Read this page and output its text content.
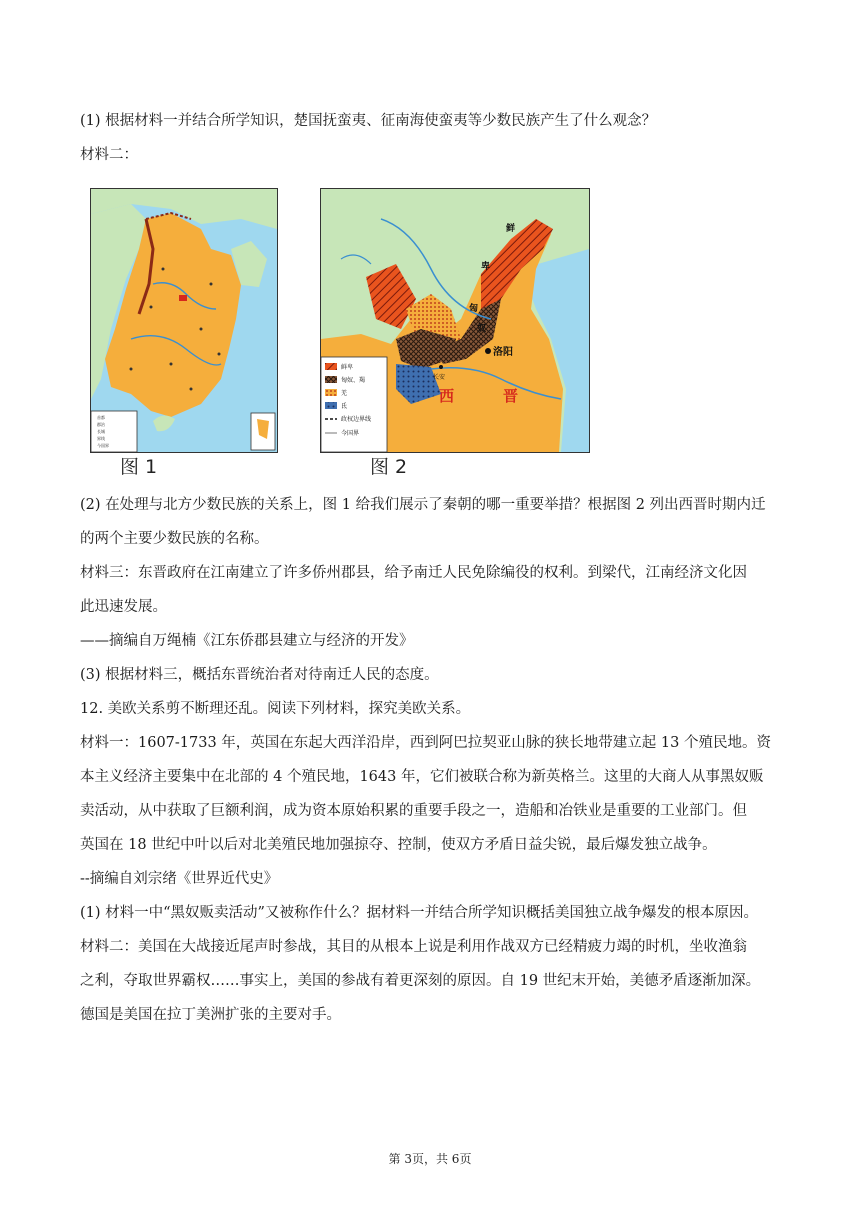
(1) 根据材料一并结合所学知识，楚国抚蛮夷、征南海使蛮夷等少数民族产生了什么观念？
材料二：
首都
郡治
长城
界线
今国界
图 1
鲜
卑
匈
奴
洛阳
长安
西	晋
鲜卑
匈奴、羯
羌
氐
政权边界线
今国界
图 2
(2) 在处理与北方少数民族的关系上，图 1 给我们展示了秦朝的哪一重要举措？根据图 2 列出西晋时期内迁
的两个主要少数民族的名称。
材料三：东晋政府在江南建立了许多侨州郡县，给予南迁人民免除编役的权利。到梁代，江南经济文化因
此迅速发展。
——摘编自万绳楠《江东侨郡县建立与经济的开发》
(3) 根据材料三，概括东晋统治者对待南迁人民的态度。
12. 美欧关系剪不断理还乱。阅读下列材料，探究美欧关系。
材料一：1607-1733 年，英国在东起大西洋沿岸，西到阿巴拉契亚山脉的狭长地带建立起 13 个殖民地。资
本主义经济主要集中在北部的 4 个殖民地，1643 年，它们被联合称为新英格兰。这里的大商人从事黑奴贩
卖活动，从中获取了巨额利润，成为资本原始积累的重要手段之一，造船和冶铁业是重要的工业部门。但
英国在 18 世纪中叶以后对北美殖民地加强掠夺、控制，使双方矛盾日益尖锐，最后爆发独立战争。
--摘编自刘宗绪《世界近代史》
(1) 材料一中“黑奴贩卖活动”又被称作什么？据材料一并结合所学知识概括美国独立战争爆发的根本原因。
材料二：美国在大战接近尾声时参战，其目的从根本上说是利用作战双方已经精疲力竭的时机，坐收渔翁
之利，夺取世界霸权……事实上，美国的参战有着更深刻的原因。自 19 世纪末开始，美德矛盾逐渐加深。
德国是美国在拉丁美洲扩张的主要对手。
第 3页，共 6页
